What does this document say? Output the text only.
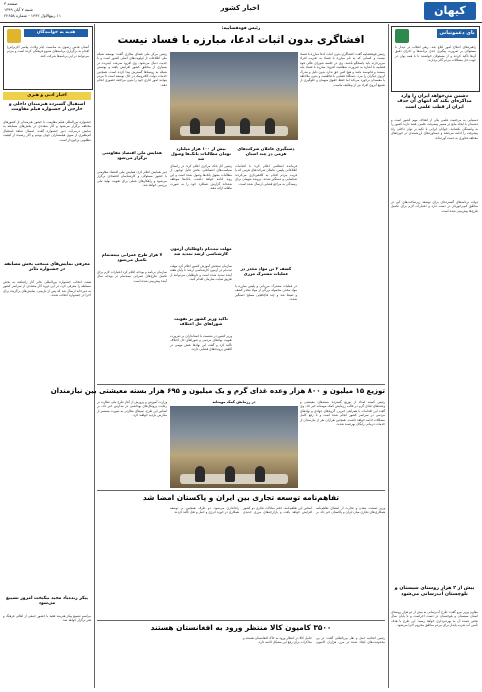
کیهان
اخبار کشور
صفحه ۳
شنبه ۷ آبان ۱۳۹۹
۱۱ ربیع‌الاول ۱۴۴۲ - شماره ۲۲۶۵۸
بای دعموتیانی
راهبردهای اصلاح امور ابلاغ شد. رهبر انقلاب در دیدار با مسئولان بر ضرورت پیگیری جدی برنامه‌ها و اجرای دقیق آن‌ها تأکید کردند و از مسئولان خواستند تا با همه توان در جهت حل مشکلات مردم گام بردارند.
دشمن می‌خواهد ایران را وارد مذاکره‌ای بکند که انتهای آن حذف ایران از قطب علمی است
دستیابی به مرجعیت علمی یکی از اهداف مهم کشور است و دشمنان با ایجاد مانع در مسیر پیشرفت علمی، قصد دارند کشور را به وابستگی بکشانند. جوانان ایرانی با تکیه بر توان داخلی راه پیشرفت را ادامه می‌دهند و دستاوردهای ارزشمندی در حوزه‌های مختلف فناوری به دست آورده‌اند.
دولت برنامه‌های گسترده‌ای برای توسعه زیرساخت‌های آبی در مناطق کم‌برخوردار در دست دارد و اعتبارات لازم برای تکمیل طرح‌ها پیش‌بینی شده است.
پیش از ۲ هزار روستای سیستان و بلوچستان آب‌رسانی می‌شود
معاون وزیر نیرو گفت: طرح آب‌رسانی به بیش از دو هزار روستای استان سیستان و بلوچستان در دست اجراست و تا پایان سال بخش عمده آن به بهره‌برداری خواهد رسید. این طرح با هدف تأمین آب شرب پایدار برای مردم مناطق محروم اجرا می‌شود.
هدیه به خوانندگان
آستان قدس رضوی به مناسبت ایام ولادت پیامبر اکرم(ص) اقدام به برگزاری برنامه‌های متنوع فرهنگی کرده است و مردم می‌توانند در این برنامه‌ها شرکت کنند.
اخبار ادبی و هنری
استقبال گسترده هنرمندان داخلی و خارجی از جشنواره فیلم مقاومت
جشنواره بین‌المللی فیلم مقاومت با حضور هنرمندان از کشورهای مختلف برگزار می‌شود و آثار متعددی در بخش‌های مسابقه به نمایش درمی‌آید. دبیر جشنواره گفت: امسال شاهد استقبال کم‌نظیری از سوی فیلمسازان جوان بودیم و آثار رسیده از کیفیت مطلوبی برخوردار است.
معرفی نمایش‌های منتخب بخش مسابقه در جشنواره تئاتر
هیئت انتخاب جشنواره بین‌المللی تئاتر آثار راه‌یافته به بخش مسابقه را معرفی کرد. در این دوره آثار متعددی از سراسر کشور به دبیرخانه ارسال شد که پس از بازبینی، نمایش‌های برگزیده برای اجرا در جشنواره انتخاب شدند.
پیکر زنده‌یاد مجید نیکبخت امروز تشییع می‌شود
مراسم تشییع پیکر هنرمند فقید با حضور جمعی از اهالی فرهنگ و هنر برگزار خواهد شد.
رئیس قوه‌قضاییه:
افشاگری بدون اثبات ادعا، مبارزه با فساد نیست
رئیس قوه‌قضاییه گفت: افشاگری بدون اثبات ادعا مبارزه با فساد نیست و کسانی که به نام مبارزه با فساد به تخریب افراد می‌پردازند باید پاسخگو باشند. وی در جلسه شورای عالی قوه قضاییه با اشاره به ضرورت شفافیت افزود: مبارزه با فساد باید مستند و قانونمند باشد و هیچ کس حق ندارد بدون دلیل و مدرک آبروی دیگران را ببرد. دستگاه قضایی با قاطعیت و بدون ملاحظه با مفسدان برخورد می‌کند اما حفظ حقوق متهمان و جلوگیری از تضییع آبروی افراد نیز از وظایف ماست.
رئیس مرکز ملی فضای مجازی گفت: توسعه شبکه ملی اطلاعات از اولویت‌های اصلی کشور است و با جدیت دنبال می‌شود. وی افزود سرعت اینترنت در بسیاری از مناطق کشور افزایش یافته و پوشش شبکه به روستاها گسترش پیدا کرده است. همچنین خدمات دولت الکترونیک در حال توسعه است تا مردم بتوانند امور اداری خود را بدون مراجعه حضوری انجام دهند.
همایش ملی اقتصاد مقاومتی برگزار می‌شود
دبیر همایش اعلام کرد: همایش ملی اقتصاد مقاومتی با حضور مسئولان و کارشناسان اقتصادی برگزار می‌شود و راهکارهای عملی برای تقویت تولید ملی بررسی خواهد شد.
بیش از ۱۰۰ هزار میلیارد تومان مطالبات بانک‌ها وصول شد
رئیس کل بانک مرکزی اعلام کرد: در راستای سیاست‌های انضباطی، بخش قابل توجهی از مطالبات معوق بانک‌ها وصول شده است و این روند ادامه خواهد داشت. بانک‌ها موظف شده‌اند گزارش عملکرد خود را به صورت ماهانه ارائه دهند.
مهلت ثبت‌نام داوطلبان آزمون کارشناسی ارشد تمدید شد
سازمان سنجش آموزش کشور اعلام کرد مهلت ثبت‌نام در آزمون کارشناسی ارشد تا پایان هفته آینده تمدید شده است و داوطلبان می‌توانند از طریق سایت سازمان اقدام کنند.
تاکید وزیر کشور بر تقویت شوراهای حل اختلاف
وزیر کشور در نشست با استانداران بر ضرورت تقویت نهادهای مردمی و شوراهای حل اختلاف تأکید کرد و گفت این نهادها نقش مهمی در کاهش پرونده‌های قضایی دارند.
دستگیری عاملان شرکت‌های هرمی در چند استان
فرمانده انتظامی اعلام کرد: با اقدامات اطلاعاتی پلیس، عاملان شرکت‌های هرمی که با فریب مردم اقدام به کلاهبرداری می‌کردند شناسایی و دستگیر شدند. پرونده متهمان برای رسیدگی به مراجع قضایی ارسال شده است.
کشف ۳ تن مواد مخدر در عملیات مشترک مرزی
در عملیات مشترک مرزبانی و پلیس مبارزه با مواد مخدر، محموله بزرگی از مواد مخدر کشف و ضبط شد و چند قاچاقچی مسلح دستگیر شدند.
۷ هزار طرح عمرانی نیمه‌تمام تکمیل می‌شود
سازمان برنامه و بودجه اعلام کرد اعتبارات لازم برای تکمیل طرح‌های عمرانی نیمه‌تمام در بودجه سال آینده پیش‌بینی شده است.
توزیع ۱۵ میلیون و ۸۰۰ هزار وعده غذای گرم و یک میلیون و ۶۹۵ هزار بسته معیشتی بین نیازمندان
در رزمایش کمک مومنانه	رئیس کمیته امداد از توزیع گسترده بسته‌های معیشتی و وعده‌های غذای گرم در قالب رزمایش کمک مومنانه خبر داد. وی گفت این اقدامات با همراهی خیرین، گروه‌های جهادی و نهادهای مردمی در سراسر کشور انجام شده است و تا رفع کامل مشکلات ادامه خواهد داشت. همچنین هزاران نفر از نیازمندان از خدمات درمانی رایگان بهره‌مند شدند.
وزارت آموزش و پرورش از آغاز طرح ملی نظارت بر رعایت پروتکل‌های بهداشتی در مدارس خبر داد. بر اساس این طرح، تیم‌های نظارتی به صورت مستمر از مدارس بازدید خواهند کرد.
تفاهم‌نامه توسعه تجاری بین ایران و پاکستان امضا شد
وزیر صنعت، معدن و تجارت از امضای تفاهم‌نامه همکاری‌های تجاری میان ایران و پاکستان خبر داد. بر اساس این تفاهم‌نامه، حجم مبادلات تجاری دو کشور افزایش خواهد یافت و بازارچه‌های مرزی جدیدی راه‌اندازی می‌شود. دو طرف همچنین بر توسعه همکاری در حوزه انرژی و حمل و نقل تأکید کردند.
۳۵۰۰ کامیون کالا منتظر ورود به افغانستان هستند
رئیس اتحادیه حمل و نقل بین‌المللی گفت: در پی محدودیت‌های ایجاد شده در مرز، هزاران کامیون حامل کالا در انتظار ورود به خاک افغانستان هستند و مذاکرات برای رفع این مشکل ادامه دارد.
